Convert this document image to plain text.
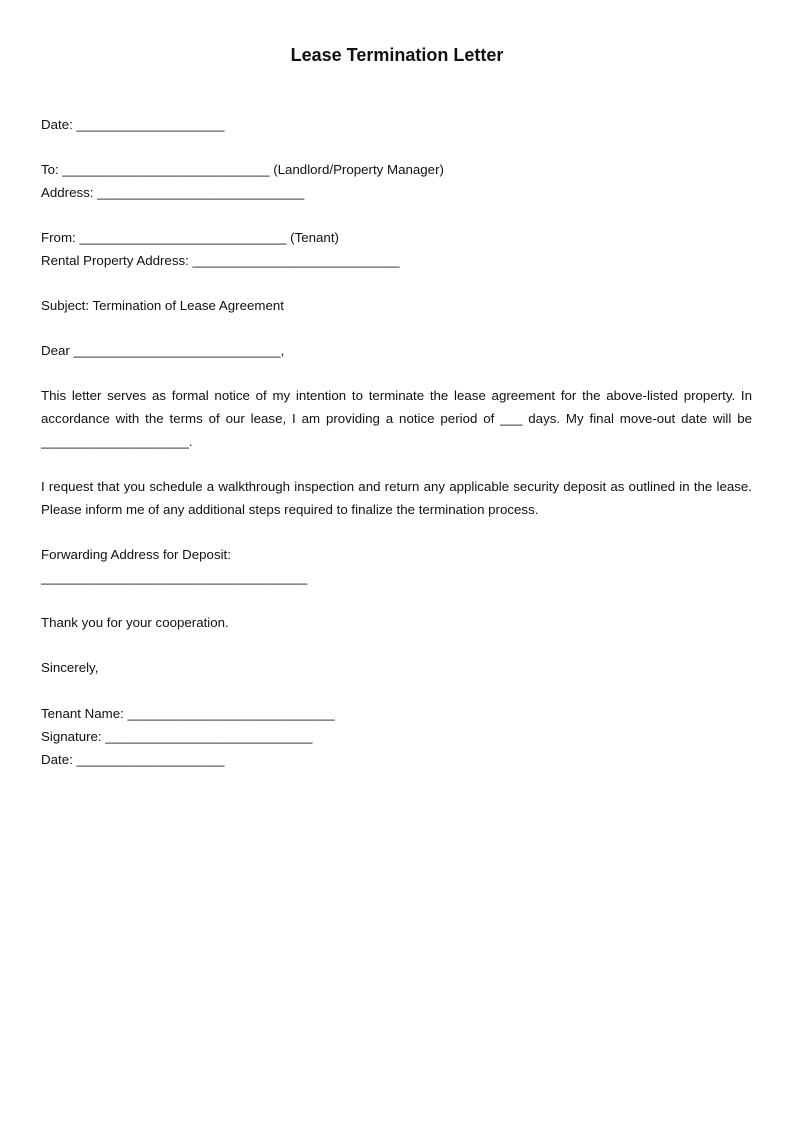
Lease Termination Letter
Date: ____________________
To: ____________________________ (Landlord/Property Manager)
Address: ____________________________
From: ____________________________ (Tenant)
Rental Property Address: ____________________________
Subject: Termination of Lease Agreement
Dear ____________________________,
This letter serves as formal notice of my intention to terminate the lease agreement for the above-listed property. In
accordance with the terms of our lease, I am providing a notice period of ___ days. My final move-out date will be
____________________.
I request that you schedule a walkthrough inspection and return any applicable security deposit as outlined in the lease.
Please inform me of any additional steps required to finalize the termination process.
Forwarding Address for Deposit:
____________________________________
Thank you for your cooperation.
Sincerely,
Tenant Name: ____________________________
Signature: ____________________________
Date: ____________________
